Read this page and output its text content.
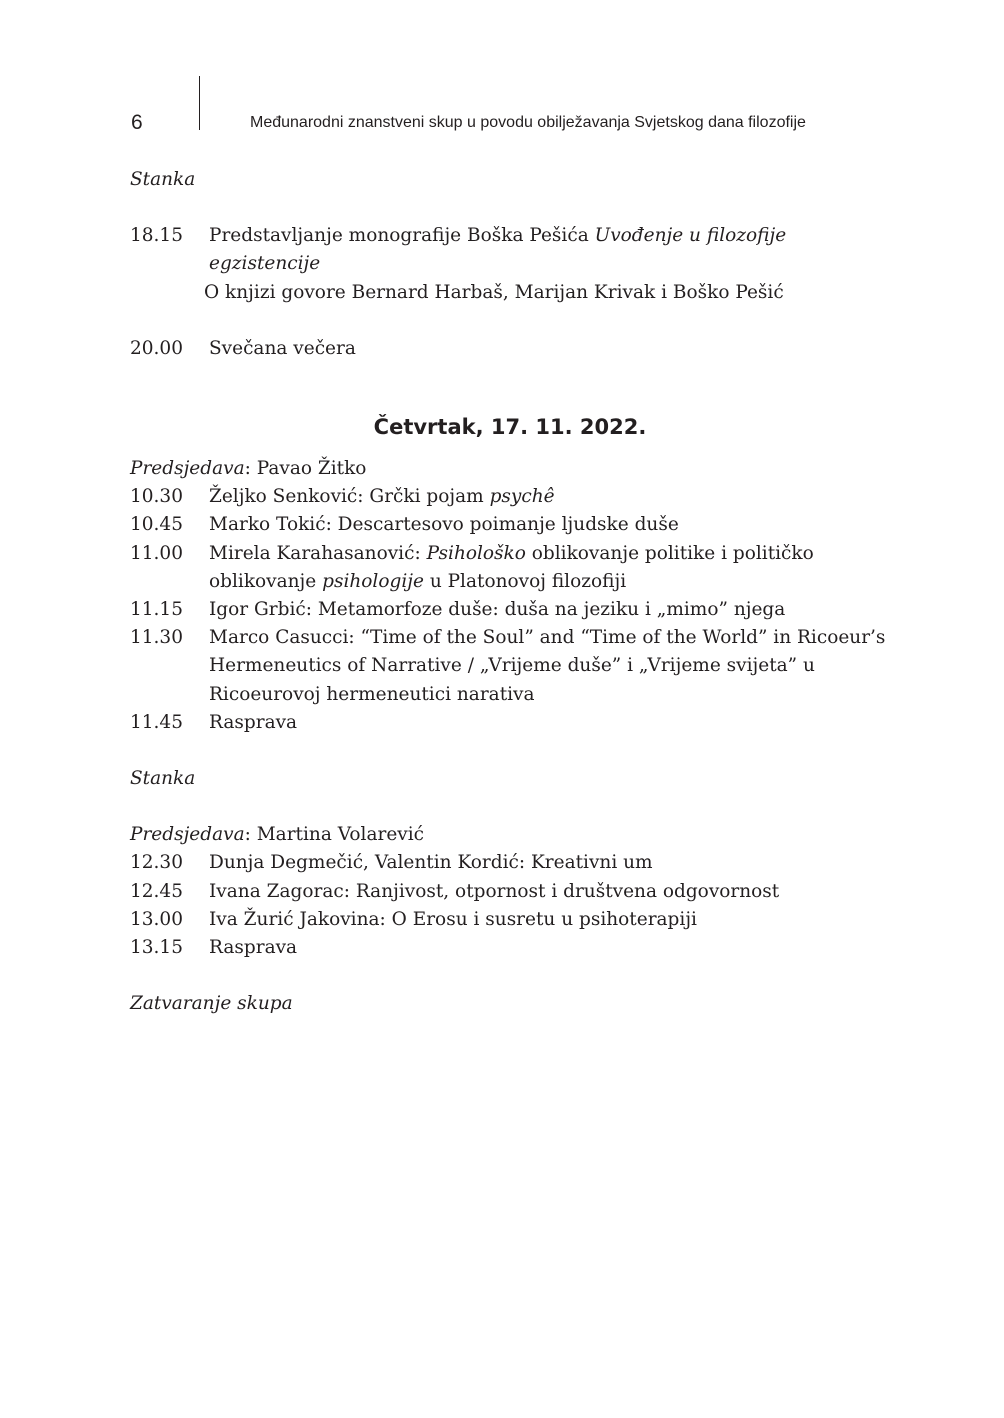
6	Međunarodni znanstveni skup u povodu obilježavanja Svjetskog dana filozofije
Stanka
18.15	Predstavljanje monografije Boška Pešića Uvođenje u filozofije egzistencije
O knjizi govore Bernard Harbaš, Marijan Krivak i Boško Pešić
20.00	Svečana večera
Četvrtak, 17. 11. 2022.
Predsjedava: Pavao Žitko
10.30	Željko Senković: Grčki pojam psychê
10.45	Marko Tokić: Descartesovo poimanje ljudske duše
11.00	Mirela Karahasanović: Psihološko oblikovanje politike i političko oblikovanje psihologije u Platonovoj filozofiji
11.15	Igor Grbić: Metamorfoze duše: duša na jeziku i „mimo” njega
11.30	Marco Casucci: “Time of the Soul” and “Time of the World” in Ricoeur’s Hermeneutics of Narrative / „Vrijeme duše” i „Vrijeme svijeta” u Ricoeurovoj hermeneutici narativa
11.45	Rasprava
Stanka
Predsjedava: Martina Volarević
12.30	Dunja Degmečić, Valentin Kordić: Kreativni um
12.45	Ivana Zagorac: Ranjivost, otpornost i društvena odgovornost
13.00	Iva Žurić Jakovina: O Erosu i susretu u psihoterapiji
13.15	Rasprava
Zatvaranje skupa
